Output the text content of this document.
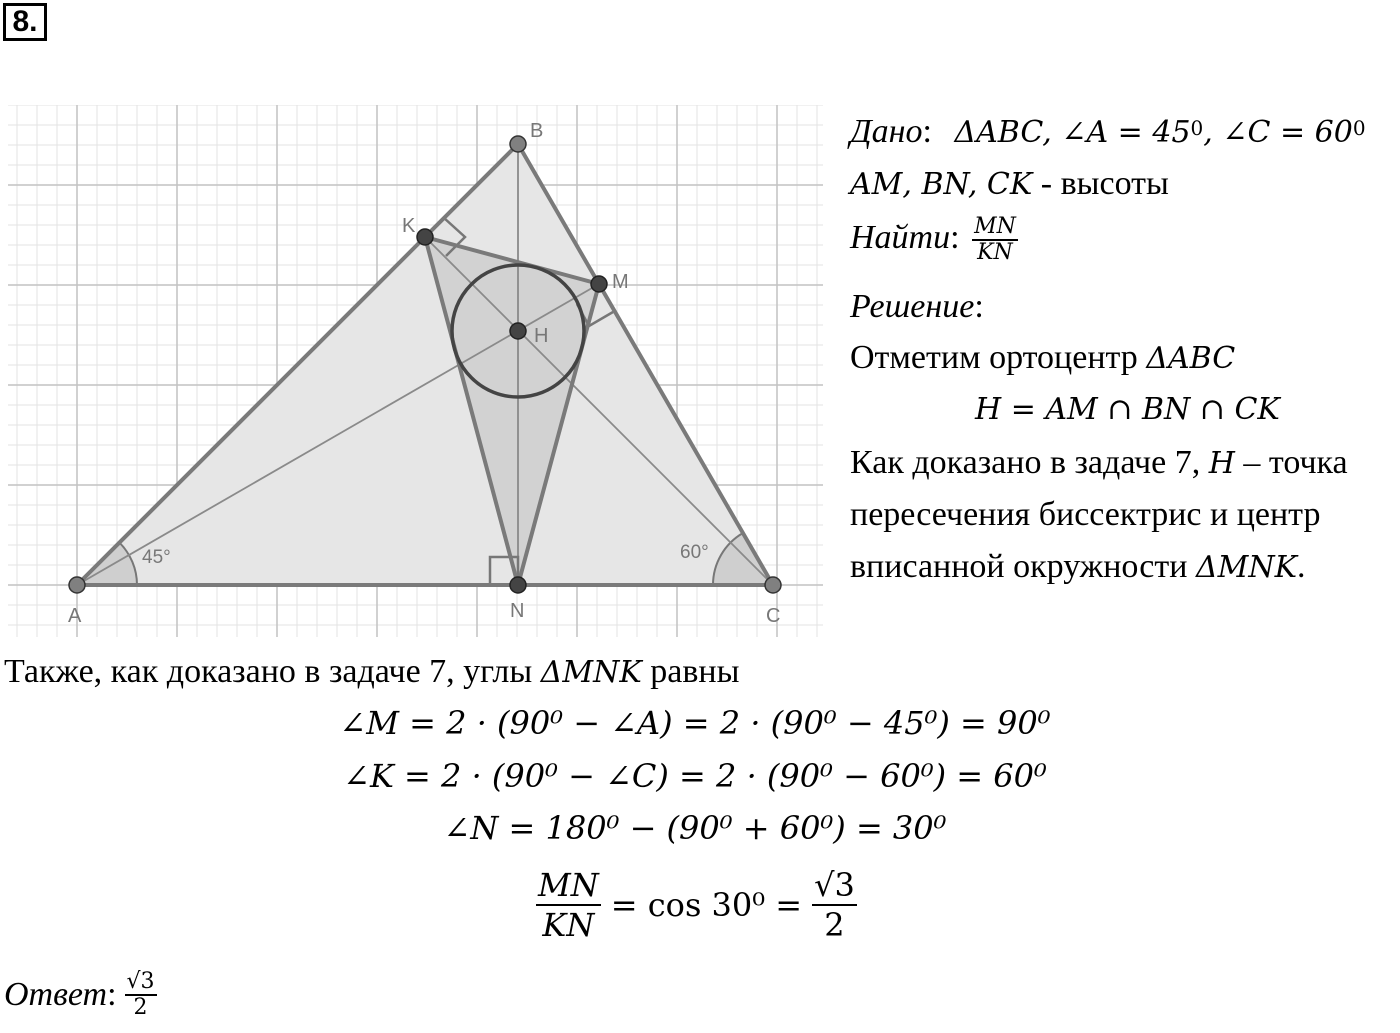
8.
A
B
C
K
M
N
H
45°	60°
Дано: ΔABC, ∠A = $45^0$, ∠C = $60^0$
AM, BN, CK - высоты
Найти: $\frac{MN}{KN}$
Решение:
Отметим ортоцентр ΔABC
H = AM ∩ BN ∩ CK
Как доказано в задаче 7, H – точка
пересечения биссектрис и центр
вписанной окружности ΔMNK.
Также, как доказано в задаче 7, углы ΔMNK равны
∠M = 2 · (90⁰ − ∠A) = 2 · (90⁰ − 45⁰) = 90⁰
∠K = 2 · (90⁰ − ∠C) = 2 · (90⁰ − 60⁰) = 60⁰
∠N = 180⁰ − (90⁰ + 60⁰) = 30⁰
$\frac{MN}{KN} = \cos 30^0 = \frac{√3}{2}$
Ответ : $\frac{√3}{2}$
